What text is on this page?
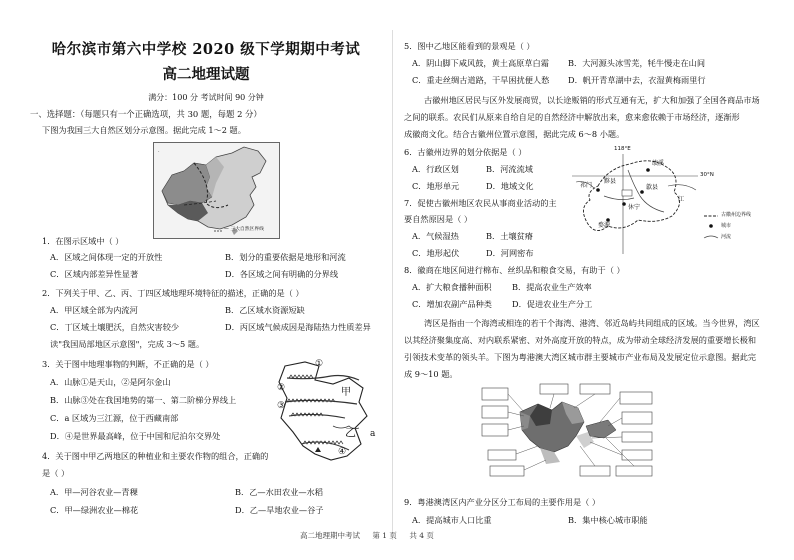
哈尔滨市第六中学校 2020 级下学期期中考试
高二地理试题
满分：100 分 考试时间 90 分钟
一、选择题：（每题只有一个正确选项，共 30 题，每题 2 分）
下图为我国三大自然区划分示意图。据此完成 1～2 题。
·
— 三大自然区界线
1．在图示区域中（ ）
A．区域之间体现一定的开放性	B．划分的重要依据是地形和河流
C．区域内部差异性显著	D．各区域之间有明确的分界线
2．下列关于甲、乙、丙、丁四区域地理环境特征的描述，正确的是（ ）
A．甲区域全部为内流河	B．乙区域水资源短缺
C．丁区域土壤肥沃，自然灾害较少	D．丙区域气候成因是海陆热力性质差异
读"我国局部地区示意图"，完成 3～5 题。
3．关于图中地理事物的判断，不正确的是（ ）
A．山脉①是天山，②是阿尔金山
B．山脉③处在我国地势的第一、第二阶梯分界线上
C．a 区域为三江源，位于西藏南部
D．④是世界最高峰，位于中国和尼泊尔交界处
①
②	甲
③
乙 a
④
4．关于图中甲乙两地区的种植业和主要农作物的组合，正确的
是（ ）
A．甲—河谷农业—青稞	B．乙—水田农业—水稻
C．甲—绿洲农业—棉花	D．乙—旱地农业—谷子
5．图中乙地区能看到的景观是（ ）
A．阴山脚下咸风鼓，黄土高原草白霜 B．大河源头冰雪芜，牦牛慢走在山间
C．重走丝绸古道路，干旱困扰便人愁 D．帆开青草湖中去，衣湿黄梅雨里行
古徽州地区居民与区外发展商贸，以长途贩销的形式互通有无，扩大和加强了全国各商品市场
之间的联系。农民们从原来自给自足的自然经济中解放出来，愈来愈依赖于市场经济，逐渐形
成徽商文化。结合古徽州位置示意图，据此完成 6～8 小题。
6．古徽州边界的划分依据是（ ）
A．行政区划	B．河流流域
C．地形单元	D．地域文化
7．促使古徽州地区农民从事商业活动的主
要自然原因是（ ）
A．气候湿热	B．土壤贫瘠
C．地形起伏	D．河网密布
118°E
30°N
绩溪
黟县
歙县
休宁
祁门
婺源
江
古徽州边界线
城市
河流
8．徽商在地区间进行棉布、丝织品和粮食交易，有助于（ ）
A．扩大粮食播种面积 B．提高农业生产效率
C．增加农副产品种类 D．促进农业生产分工
湾区是指由一个海湾或相连的若干个海湾、港湾、邻近岛屿共同组成的区域。当今世界，湾区
以其经济聚集度高、对内联系紧密、对外高度开放的特点，成为带动全球经济发展的重要增长极和
引领技术变革的领头羊。下图为粤港澳大湾区城市群主要城市产业布局及发展定位示意图。据此完
成 9～10 题。
9．粤港澳湾区内产业分区分工布局的主要作用是（ ）
A．提高城市人口比重	B．集中核心城市职能
高二地理期中考试 第 1 页 共 4 页
